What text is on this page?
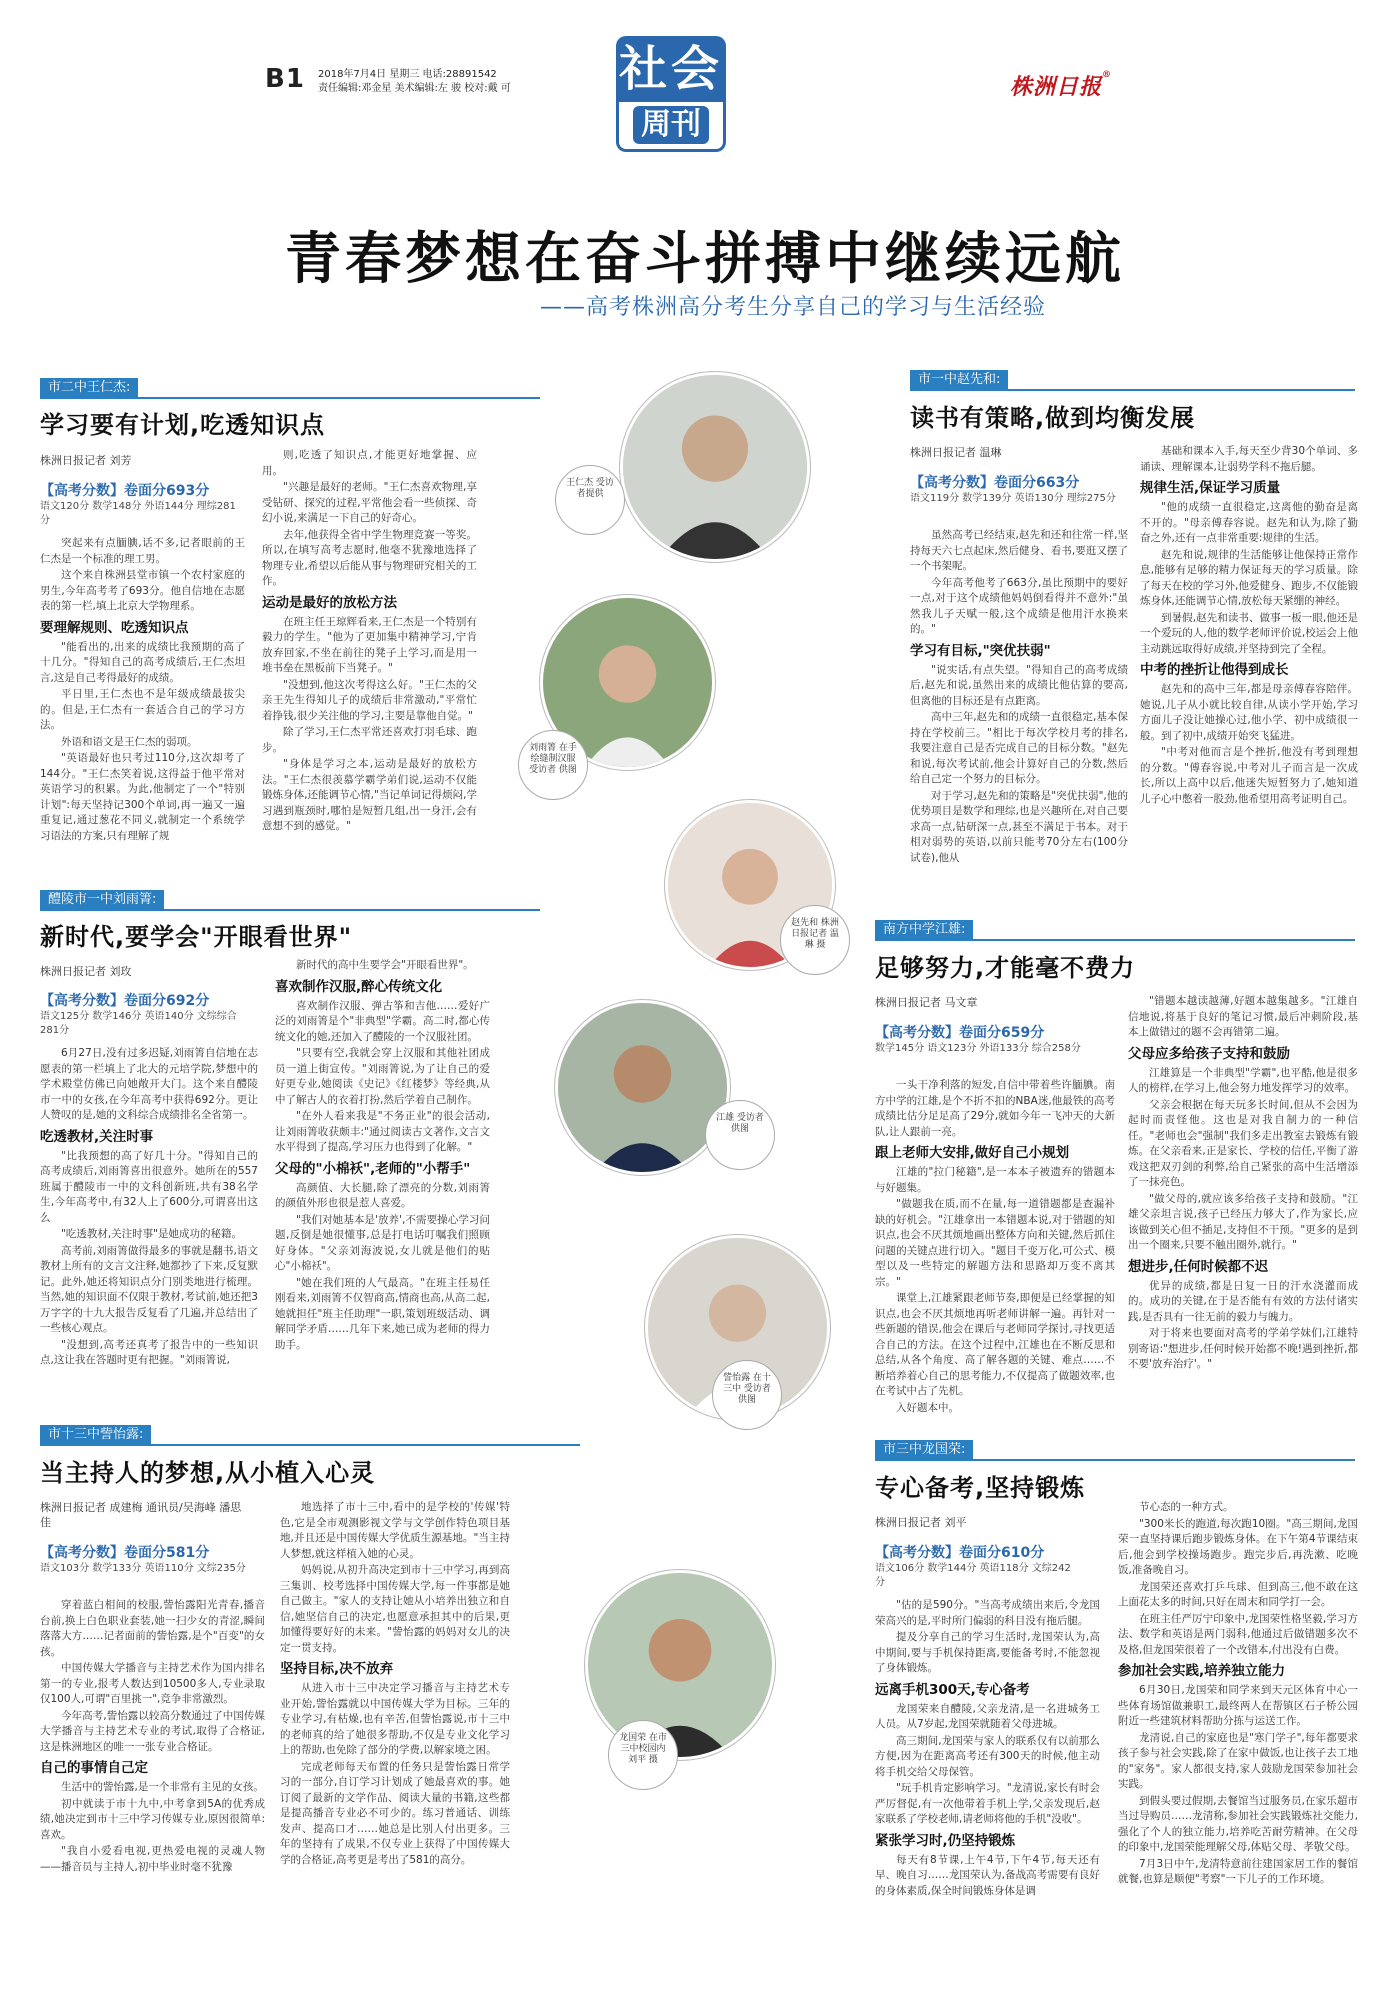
B1 2018年7月4日 星期三 电话:28891542
责任编辑:邓金星 美术编辑:左 骏 校对:戴 可	社会
周刊
株洲日报®
青春梦想在奋斗拼搏中继续远航
——高考株洲高分考生分享自己的学习与生活经验
王仁杰 受访者提供
刘雨箐 在手绘缝制汉服 受访者 供图
赵先和 株洲日报记者 温琳 摄
江雄 受访者 供图
訾怡露 在十三中 受访者 供图
龙国荣 在市三中校园内 刘平 摄
市二中王仁杰:
学习要有计划,吃透知识点
株洲日报记者 刘芳
【高考分数】卷面分693分
语文120分 数学148分 外语144分 理综281分

突起来有点腼腆,话不多,记者眼前的王仁杰是一个标准的理工男。

这个来自株洲县堂市镇一个农村家庭的男生,今年高考考了693分。他自信地在志愿表的第一栏,填上北京大学物理系。

要理解规则、吃透知识点

"能看出的,出来的成绩比我预期的高了十几分。"得知自己的高考成绩后,王仁杰坦言,这是自己考得最好的成绩。

平日里,王仁杰也不是年级成绩最拔尖的。但是,王仁杰有一套适合自己的学习方法。

外语和语文是王仁杰的弱项。

"英语最好也只考过110分,这次却考了144分。"王仁杰笑着说,这得益于他平常对英语学习的积累。为此,他制定了一个"特别计划":每天坚持记300个单词,再一遍又一遍重复记,通过葱花不同义,就制定一个系统学习语法的方案,只有理解了规

则,吃透了知识点,才能更好地掌握、应用。

"兴趣是最好的老师。"王仁杰喜欢物理,享受钻研、探究的过程,平常他会看一些侦探、奇幻小说,来满足一下自己的好奇心。

去年,他获得全省中学生物理竞赛一等奖。所以,在填写高考志愿时,他毫不犹豫地选择了物理专业,希望以后能从事与物理研究相关的工作。

运动是最好的放松方法

在班主任王琼辉看来,王仁杰是一个特别有毅力的学生。"他为了更加集中精神学习,宁肯放弃回家,不坐在前往的凳子上学习,而是用一堆书垒在黑板前下当凳子。"

"没想到,他这次考得这么好。"王仁杰的父亲王先生得知儿子的成绩后非常激动,"平常忙着挣钱,很少关注他的学习,主要是靠他自觉。"

除了学习,王仁杰平常还喜欢打羽毛球、跑步。

"身体是学习之本,运动是最好的放松方法。"王仁杰很羡慕学霸学弟们说,运动不仅能锻炼身体,还能调节心情,"当记单词记得烦闷,学习遇到瓶颈时,哪怕是短暂几组,出一身汗,会有意想不到的感觉。"

市一中赵先和:
读书有策略,做到均衡发展
株洲日报记者 温琳
【高考分数】卷面分663分
语文119分 数学139分 英语130分 理综275分

虽然高考已经结束,赵先和还和往常一样,坚持每天六七点起床,然后健身、看书,要逛又摆了一个书架呢。

今年高考他考了663分,虽比预期中的要好一点,对于这个成绩他妈妈倒看得并不意外:"虽然我儿子天赋一般,这个成绩是他用汗水换来的。"

学习有目标,"突优扶弱"

"说实话,有点失望。"得知自己的高考成绩后,赵先和说,虽然出来的成绩比他估算的要高,但离他的目标还是有点距离。

高中三年,赵先和的成绩一直很稳定,基本保持在学校前三。"相比于每次学校月考的排名,我要注意自己是否完成自己的目标分数。"赵先和说,每次考试前,他会计算好自己的分数,然后给自己定一个努力的目标分。

对于学习,赵先和的策略是"突优扶弱",他的优势项目是数学和理综,也是兴趣所在,对自己要求高一点,钻研深一点,甚至不满足于书本。对于相对弱势的英语,以前只能考70分左右(100分试卷),他从

基础和课本入手,每天至少背30个单词、多诵读、理解课本,让弱势学科不拖后腿。

规律生活,保证学习质量

"他的成绩一直很稳定,这离他的勤奋是离不开的。"母亲傅春容说。赵先和认为,除了勤奋之外,还有一点非常重要:规律的生活。

赵先和说,规律的生活能够让他保持正常作息,能够有足够的精力保证每天的学习质量。除了每天在校的学习外,他爱健身、跑步,不仅能锻炼身体,还能调节心情,放松每天紧绷的神经。

到暑假,赵先和读书、做事一板一眼,他还是一个爱玩的人,他的数学老师评价说,校运会上他主动跳远取得好成绩,并坚持到完了全程。

中考的挫折让他得到成长

赵先和的高中三年,都是母亲傅春容陪伴。她说,儿子从小就比较自律,从读小学开始,学习方面儿子没让她操心过,他小学、初中成绩很一般。到了初中,成绩开始突飞猛进。

"中考对他而言是个挫折,他没有考到理想的分数。"傅春容说,中考对儿子而言是一次成长,所以上高中以后,他迷失短暂努力了,她知道儿子心中憋着一股劲,他希望用高考证明自己。

醴陵市一中刘雨箐:
新时代,要学会"开眼看世界"
株洲日报记者 刘玫
【高考分数】卷面分692分
语文125分 数学146分 英语140分 文综综合281分

6月27日,没有过多迟疑,刘雨箐自信地在志愿表的第一栏填上了北大的元培学院,梦想中的学术殿堂仿佛已向她敞开大门。这个来自醴陵市一中的女孩,在今年高考中获得692分。更让人赞叹的是,她的文科综合成绩排名全省第一。

吃透教材,关注时事

"比我预想的高了好几十分。"得知自己的高考成绩后,刘雨箐喜出很意外。她所在的557班属于醴陵市一中的文科创新班,共有38名学生,今年高考中,有32人上了600分,可谓喜出这么

"吃透教材,关注时事"是她成功的秘籍。

高考前,刘雨箐做得最多的事就是翻书,语文教材上所有的文言文注释,她都抄了下来,反复默记。此外,她还将知识点分门别类地进行梳理。当然,她的知识面不仅限于教材,考试前,她还把3万字字的十九大报告反复看了几遍,并总结出了一些核心观点。

"没想到,高考还真考了报告中的一些知识点,这让我在答题时更有把握。"刘雨箐说,

新时代的高中生要学会"开眼看世界"。

喜欢制作汉服,醉心传统文化

喜欢制作汉服、弹古筝和吉他……爱好广泛的刘雨箐是个"非典型"学霸。高二时,都心传统文化的她,还加入了醴陵的一个汉服社团。

"只要有空,我就会穿上汉服和其他社团成员一道上街宣传。"刘雨箐说,为了让自己的爱好更专业,她阅读《史记》《红楼梦》等经典,从中了解古人的衣着打扮,然后学着自己制作。

"在外人看来我是"不务正业"的很会活动,让刘雨箐收获颇丰:"通过阅读古文著作,文言文水平得到了提高,学习压力也得到了化解。"

父母的"小棉袄",老师的"小帮手"

高颜值、大长腿,除了漂亮的分数,刘雨箐的颜值外形也很是惹人喜爱。

"我们对她基本是'放养',不需要操心学习问题,反倒是她很懂事,总是打电话叮嘱我们照顾好身体。"父亲刘海波说,女儿就是他们的贴心"小棉袄"。

"她在我们班的人气最高。"在班主任易任刚看来,刘雨箐不仅智商高,情商也高,从高二起,她就担任"班主任助理"一职,策划班级活动、调解同学矛盾……几年下来,她已成为老师的得力助手。

南方中学江雄:
足够努力,才能毫不费力
株洲日报记者 马文章
【高考分数】卷面分659分
数学145分 语文123分 外语133分 综合258分

一头干净利落的短发,自信中带着些许腼腆。南方中学的江雄,是个不折不扣的NBA迷,他最铁的高考成绩比估分足足高了29分,就如今年一飞冲天的大新队,让人跟前一亮。

跟上老师大安排,做好自己小规划

江雄的"拉门秘籍",是一本本子被遗弃的错题本与好题集。

"做题我在质,而不在量,每一道错题都是查漏补缺的好机会。"江雄拿出一本错题本说,对于错题的知识点,也会不厌其烦地画出整体方向和关键,然后抓住问题的关键点进行切入。"题目千变万化,可公式、模型以及一些特定的解题方法和思路却万变不离其宗。"

课堂上,江雄紧跟老师节奏,即便是已经掌握的知识点,也会不厌其烦地再听老师讲解一遍。再针对一些新题的错误,他会在课后与老师同学探讨,寻找更适合自己的方法。在这个过程中,江雄也在不断反思和总结,从各个角度、高了解各题的关键、难点……不断培养着心自己的思考能力,不仅提高了做题效率,也在考试中占了先机。

入好题本中。

"错题本越读越薄,好题本越集越多。"江雄自信地说,将基于良好的笔记习惯,最后冲刺阶段,基本上做错过的题不会再错第二遍。

父母应多给孩子支持和鼓励

江雄算是一个非典型"学霸",也平酷,他是很多人的榜样,在学习上,他会努力地发挥学习的效率。

父亲会根据在每天玩多长时间,但从不会因为起时而责怪他。这也是对我自制力的一种信任。"老师也会"强制"我们多走出教室去锻炼有锻炼。在父亲看来,正是家长、学校的信任,平衡了游戏这把双刃剑的利弊,给自己紧张的高中生活增添了一抹亮色。

"做父母的,就应该多给孩子支持和鼓励。"江雄父亲坦言说,孩子已经压力够大了,作为家长,应该做到关心但不插足,支持但不干预。"更多的是到出一个圈来,只要不触出圈外,就行。"

想进步,任何时候都不迟

优异的成绩,都是日复一日的汗水浇灌而成的。成功的关键,在于是否能有有效的方法付诸实践,是否具有一往无前的毅力与魄力。

对于将来也要面对高考的学弟学妹们,江雄特别寄语:"想进步,任何时候开始都不晚!遇到挫折,都不要'放弃治疗'。"

市十三中訾怡露:
当主持人的梦想,从小植入心灵
株洲日报记者 成建梅 通讯员/吴海峰 潘思佳
【高考分数】卷面分581分
语文103分 数学133分 英语110分 文综235分

穿着蓝白相间的校服,訾怡露阳光青春,播音台前,换上白色职业套装,她一扫少女的青涩,瞬间落落大方……记者面前的訾怡露,是个"百变"的女孩。

中国传媒大学播音与主持艺术作为国内排名第一的专业,报考人数达到10500多人,专业录取仅100人,可谓"百里挑一",竞争非常激烈。

今年高考,訾怡露以较高分数通过了中国传媒大学播音与主持艺术专业的考试,取得了合格证,这是株洲地区的唯一一张专业合格证。

自己的事情自己定

生活中的訾怡露,是一个非常有主见的女孩。

初中就读于市十九中,中考拿到5A的优秀成绩,她决定到市十三中学习传媒专业,原因很简单:喜欢。

"我自小爱看电视,更热爱电视的灵魂人物——播音员与主持人,初中毕业时毫不犹豫

地选择了市十三中,看中的是学校的'传媒'特色,它是全市观测影视文学与文学创作特色项目基地,并且还是中国传媒大学优质生源基地。"当主持人梦想,就这样植入她的心灵。

妈妈说,从初升高决定到市十三中学习,再到高三集训、校考选择中国传媒大学,每一件事都是她自己做主。"家人的支持让她从小培养出独立和自信,她坚信自己的决定,也愿意承担其中的后果,更加懂得要好好的未来。"訾怡露的妈妈对女儿的决定一贯支持。

坚持目标,决不放弃

从进入市十三中决定学习播音与主持艺术专业开始,訾怡露就以中国传媒大学为目标。三年的专业学习,有枯燥,也有辛苦,但訾怡露说,市十三中的老师真的给了她很多帮助,不仅是专业文化学习上的帮助,也免除了部分的学费,以解家境之困。

完成老师每天布置的任务只是訾怡露日常学习的一部分,自订学习计划成了她最喜欢的事。她订阅了最新的文学作品、阅读大量的书籍,这些都是提高播音专业必不可少的。练习普通话、训练发声、提高口才……她总是比别人付出更多。三年的坚持有了成果,不仅专业上获得了中国传媒大学的合格证,高考更是考出了581的高分。

市三中龙国荣:
专心备考,坚持锻炼
株洲日报记者 刘平
【高考分数】卷面分610分
语文106分 数学144分 英语118分 文综242分

"估的是590分。"当高考成绩出来后,令龙国荣高兴的是,平时所门偏弱的科目没有拖后腿。

提及分享自己的学习生活时,龙国荣认为,高中期间,要与手机保持距离,要能备考时,不能忽视了身体锻炼。

远离手机300天,专心备考

龙国荣来自醴陵,父亲龙清,是一名进城务工人员。从7岁起,龙国荣就随着父母进城。

高三期间,龙国荣与家人的联系仅有以前那么方便,因为在距离高考还有300天的时候,他主动将手机交给父母保管。

"玩手机肯定影响学习。"龙清说,家长有时会严厉督促,有一次他带着手机上学,父亲发现后,赵家联系了学校老师,请老师将他的手机"没收"。

紧张学习时,仍坚持锻炼

每天有8节课,上午4节,下午4节,每天还有早、晚自习……龙国荣认为,备战高考需要有良好的身体素质,保全时间锻炼身体是调

节心态的一种方式。

"300米长的跑道,每次跑10圈。"高三期间,龙国荣一直坚持课后跑步锻炼身体。在下午第4节课结束后,他会到学校操场跑步。跑完步后,再洗漱、吃晚饭,准备晚自习。

龙国荣还喜欢打乒乓球、但到高三,他不敢在这上面花太多的时间,只好在周末和同学打一会。

在班主任严厉宁印象中,龙国荣性格坚毅,学习方法、数学和英语是两门弱科,他通过后做错题多次不及格,但龙国荣很着了一个改错本,付出没有白费。

参加社会实践,培养独立能力

6月30日,龙国荣和同学来到天元区体育中心一些体育场馆做兼职工,最终两人在帮镇区石子桥公园附近一些建筑材料帮助分拣与运送工作。

龙清说,自己的家庭也是"寒门学子",每年都要求孩子参与社会实践,除了在家中做饭,也让孩子去工地的"家务"。家人都很支持,家人鼓励龙国荣参加社会实践。

到假头要过假期,去餐馆当过服务员,在家乐超市当过导购员……龙清称,参加社会实践锻炼社交能力,强化了个人的独立能力,培养吃苦耐劳精神。在父母的印象中,龙国荣能理解父母,体贴父母、孝敬父母。

7月3日中午,龙清特意前往建国家居工作的餐馆就餐,也算是顺便"考察"一下儿子的工作环境。
